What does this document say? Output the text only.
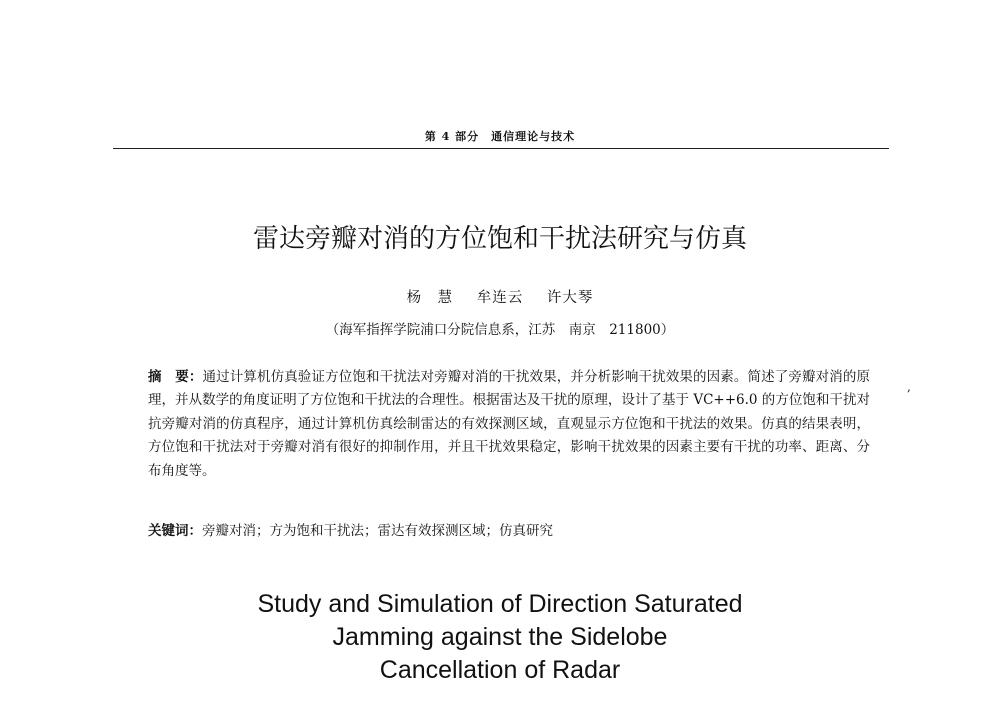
第 4 部分　通信理论与技术
雷达旁瓣对消的方位饱和干扰法研究与仿真
杨　慧 牟连云 许大琴
（海军指挥学院浦口分院信息系，江苏　南京　211800）
摘　要：通过计算机仿真验证方位饱和干扰法对旁瓣对消的干扰效果，并分析影响干扰效果的因素。简述了旁瓣对消的原理，并从数学的角度证明了方位饱和干扰法的合理性。根据雷达及干扰的原理，设计了基于 VC++6.0 的方位饱和干扰对抗旁瓣对消的仿真程序，通过计算机仿真绘制雷达的有效探测区域，直观显示方位饱和干扰法的效果。仿真的结果表明，方位饱和干扰法对于旁瓣对消有很好的抑制作用，并且干扰效果稳定，影响干扰效果的因素主要有干扰的功率、距离、分布角度等。
关键词：旁瓣对消；方为饱和干扰法；雷达有效探测区域；仿真研究
Study and Simulation of Direction Saturated
Jamming against the Sidelobe
Cancellation of Radar
,
